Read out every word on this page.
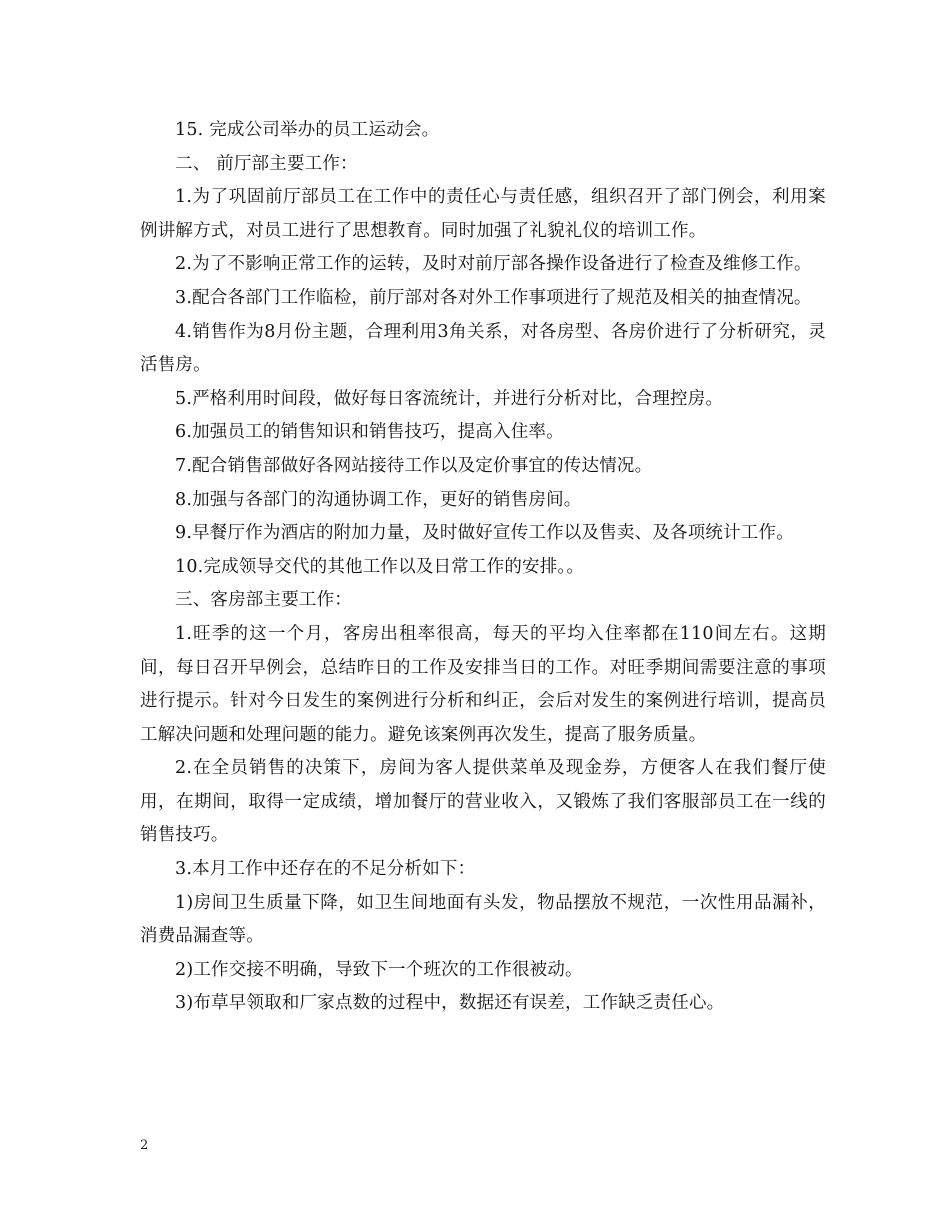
15. 完成公司举办的员工运动会。

二、 前厅部主要工作：

1.为了巩固前厅部员工在工作中的责任心与责任感，组织召开了部门例会，利用案例讲解方式，对员工进行了思想教育。同时加强了礼貌礼仪的培训工作。

2.为了不影响正常工作的运转，及时对前厅部各操作设备进行了检查及维修工作。

3.配合各部门工作临检，前厅部对各对外工作事项进行了规范及相关的抽查情况。

4.销售作为8月份主题，合理利用3角关系，对各房型、各房价进行了分析研究，灵活售房。

5.严格利用时间段，做好每日客流统计，并进行分析对比，合理控房。

6.加强员工的销售知识和销售技巧，提高入住率。

7.配合销售部做好各网站接待工作以及定价事宜的传达情况。

8.加强与各部门的沟通协调工作，更好的销售房间。

9.早餐厅作为酒店的附加力量，及时做好宣传工作以及售卖、及各项统计工作。

10.完成领导交代的其他工作以及日常工作的安排。。

三、客房部主要工作：

1.旺季的这一个月，客房出租率很高，每天的平均入住率都在110间左右。这期间，每日召开早例会，总结昨日的工作及安排当日的工作。对旺季期间需要注意的事项进行提示。针对今日发生的案例进行分析和纠正，会后对发生的案例进行培训，提高员工解决问题和处理问题的能力。避免该案例再次发生，提高了服务质量。

2.在全员销售的决策下，房间为客人提供菜单及现金券，方便客人在我们餐厅使用，在期间，取得一定成绩，增加餐厅的营业收入，又锻炼了我们客服部员工在一线的销售技巧。

3.本月工作中还存在的不足分析如下：

1)房间卫生质量下降，如卫生间地面有头发，物品摆放不规范，一次性用品漏补，消费品漏查等。

2)工作交接不明确，导致下一个班次的工作很被动。

3)布草早领取和厂家点数的过程中，数据还有误差，工作缺乏责任心。

2
